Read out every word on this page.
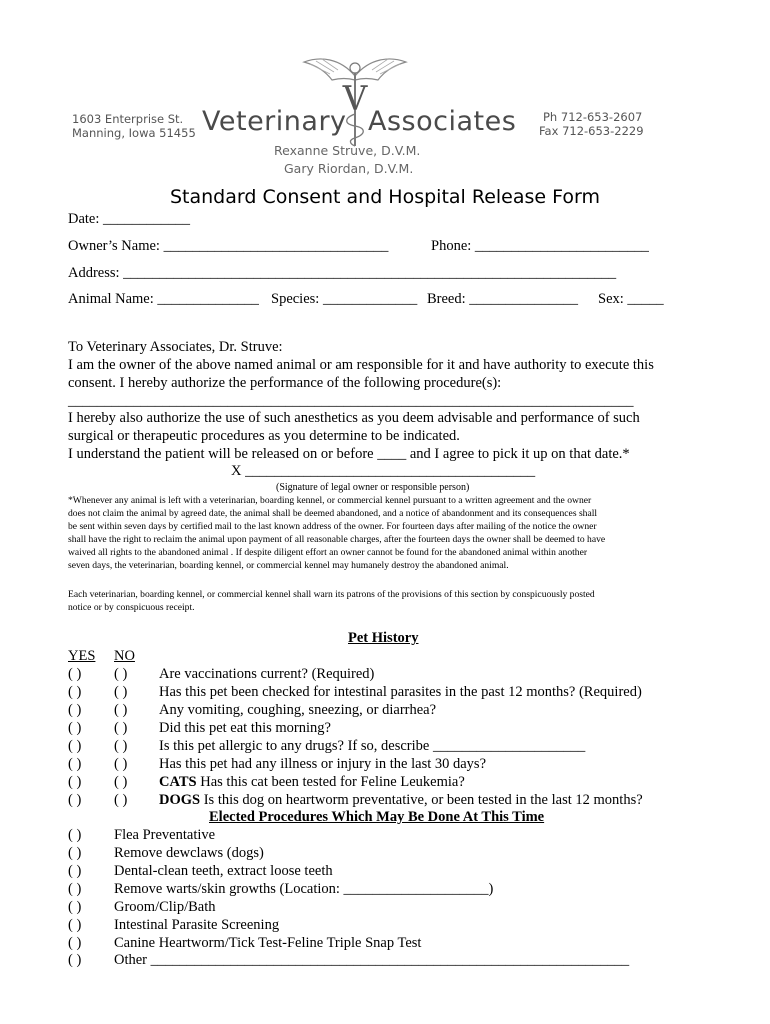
1603 Enterprise St.
Manning, Iowa 51455
V
Veterinary Associates
Rexanne Struve, D.V.M.
Gary Riordan, D.V.M.
Ph 712-653-2607
Fax 712-653-2229
Standard Consent and Hospital Release Form
Date: ____________
Owner’s Name: _______________________________	Phone: ________________________
Address: ____________________________________________________________________
Animal Name: ______________ Species: _____________ Breed: _______________ Sex: _____
To Veterinary Associates, Dr. Struve:
I am the owner of the above named animal or am responsible for it and have authority to execute this
consent. I hereby authorize the performance of the following procedure(s):
______________________________________________________________________________
I hereby also authorize the use of such anesthetics as you deem advisable and performance of such
surgical or therapeutic procedures as you determine to be indicated.
I understand the patient will be released on or before ____ and I agree to pick it up on that date.*
X ________________________________________
(Signature of legal owner or responsible person)
*Whenever any animal is left with a veterinarian, boarding kennel, or commercial kennel pursuant to a written agreement and the owner
does not claim the animal by agreed date, the animal shall be deemed abandoned, and a notice of abandonment and its consequences shall
be sent within seven days by certified mail to the last known address of the owner. For fourteen days after mailing of the notice the owner
shall have the right to reclaim the animal upon payment of all reasonable charges, after the fourteen days the owner shall be deemed to have
waived all rights to the abandoned animal . If despite diligent effort an owner cannot be found for the abandoned animal within another
seven days, the veterinarian, boarding kennel, or commercial kennel may humanely destroy the abandoned animal.
Each veterinarian, boarding kennel, or commercial kennel shall warn its patrons of the provisions of this section by conspicuously posted
notice or by conspicuous receipt.
Pet History
YES NO
( ) ( ) Are vaccinations current? (Required)
( ) ( ) Has this pet been checked for intestinal parasites in the past 12 months? (Required)
( ) ( ) Any vomiting, coughing, sneezing, or diarrhea?
( ) ( ) Did this pet eat this morning?
( ) ( ) Is this pet allergic to any drugs? If so, describe _____________________
( ) ( ) Has this pet had any illness or injury in the last 30 days?
( ) ( ) CATS Has this cat been tested for Feline Leukemia?
( ) ( ) DOGS Is this dog on heartworm preventative, or been tested in the last 12 months?
Elected Procedures Which May Be Done At This Time
( ) Flea Preventative
( ) Remove dewclaws (dogs)
( ) Dental-clean teeth, extract loose teeth
( ) Remove warts/skin growths (Location: ____________________)
( ) Groom/Clip/Bath
( ) Intestinal Parasite Screening
( ) Canine Heartworm/Tick Test-Feline Triple Snap Test
( ) Other __________________________________________________________________
